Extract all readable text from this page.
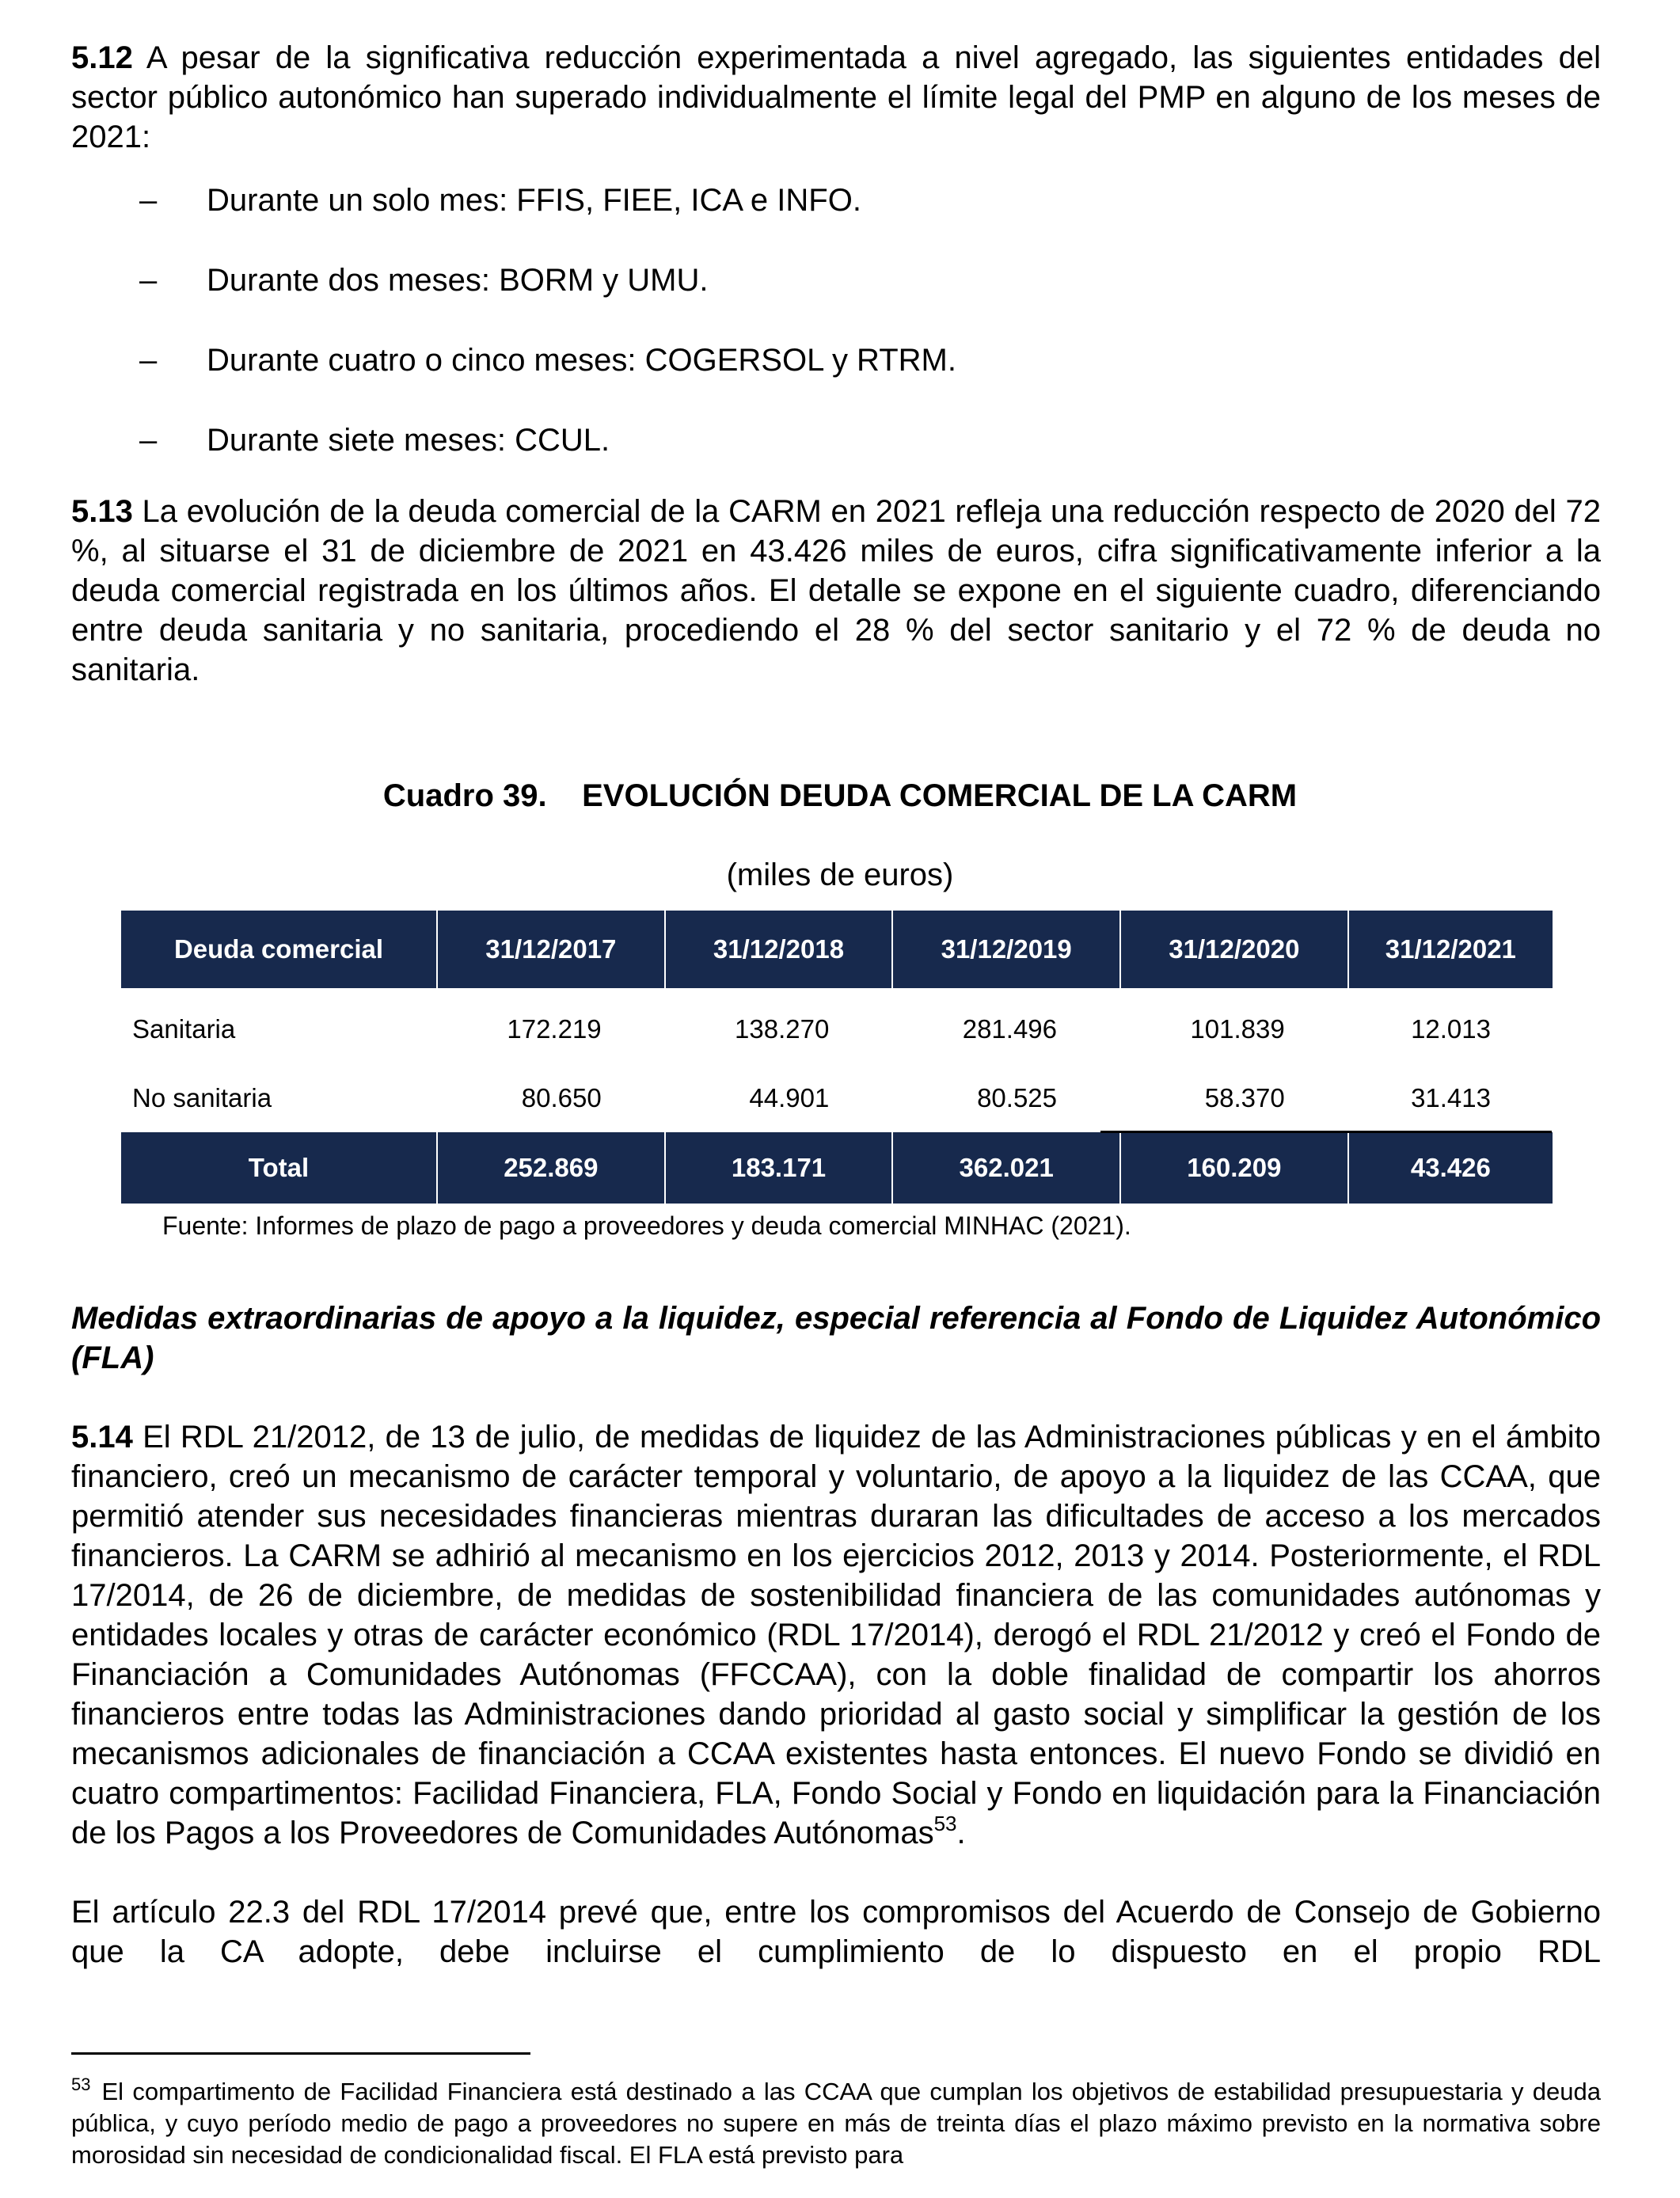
5.12 A pesar de la significativa reducción experimentada a nivel agregado, las siguientes entidades del sector público autonómico han superado individualmente el límite legal del PMP en alguno de los meses de 2021:

–	Durante un solo mes: FFIS, FIEE, ICA e INFO.
–	Durante dos meses: BORM y UMU.
–	Durante cuatro o cinco meses: COGERSOL y RTRM.
–	Durante siete meses: CCUL.

5.13 La evolución de la deuda comercial de la CARM en 2021 refleja una reducción respecto de 2020 del 72 %, al situarse el 31 de diciembre de 2021 en 43.426 miles de euros, cifra significativamente inferior a la deuda comercial registrada en los últimos años. El detalle se expone en el siguiente cuadro, diferenciando entre deuda sanitaria y no sanitaria, procediendo el 28 % del sector sanitario y el 72 % de deuda no sanitaria.

Cuadro 39. EVOLUCIÓN DEUDA COMERCIAL DE LA CARM

(miles de euros)
Deuda comercial	31/12/2017	31/12/2018	31/12/2019	31/12/2020	31/12/2021
Sanitaria	172.219	138.270	281.496	101.839	12.013
No sanitaria	80.650	44.901	80.525	58.370	31.413
Total	252.869	183.171	362.021	160.209	43.426
Fuente: Informes de plazo de pago a proveedores y deuda comercial MINHAC (2021).

Medidas extraordinarias de apoyo a la liquidez, especial referencia al Fondo de Liquidez Autonómico (FLA)

5.14 El RDL 21/2012, de 13 de julio, de medidas de liquidez de las Administraciones públicas y en el ámbito financiero, creó un mecanismo de carácter temporal y voluntario, de apoyo a la liquidez de las CCAA, que permitió atender sus necesidades financieras mientras duraran las dificultades de acceso a los mercados financieros. La CARM se adhirió al mecanismo en los ejercicios 2012, 2013 y 2014. Posteriormente, el RDL 17/2014, de 26 de diciembre, de medidas de sostenibilidad financiera de las comunidades autónomas y entidades locales y otras de carácter económico (RDL 17/2014), derogó el RDL 21/2012 y creó el Fondo de Financiación a Comunidades Autónomas (FFCCAA), con la doble finalidad de compartir los ahorros financieros entre todas las Administraciones dando prioridad al gasto social y simplificar la gestión de los mecanismos adicionales de financiación a CCAA existentes hasta entonces. El nuevo Fondo se dividió en cuatro compartimentos: Facilidad Financiera, FLA, Fondo Social y Fondo en liquidación para la Financiación de los Pagos a los Proveedores de Comunidades Autónomas$^{53}$.

El artículo 22.3 del RDL 17/2014 prevé que, entre los compromisos del Acuerdo de Consejo de Gobierno que la CA adopte, debe incluirse el cumplimiento de lo dispuesto en el propio RDL

$^{53}$ El compartimento de Facilidad Financiera está destinado a las CCAA que cumplan los objetivos de estabilidad presupuestaria y deuda pública, y cuyo período medio de pago a proveedores no supere en más de treinta días el plazo máximo previsto en la normativa sobre morosidad sin necesidad de condicionalidad fiscal. El FLA está previsto para
